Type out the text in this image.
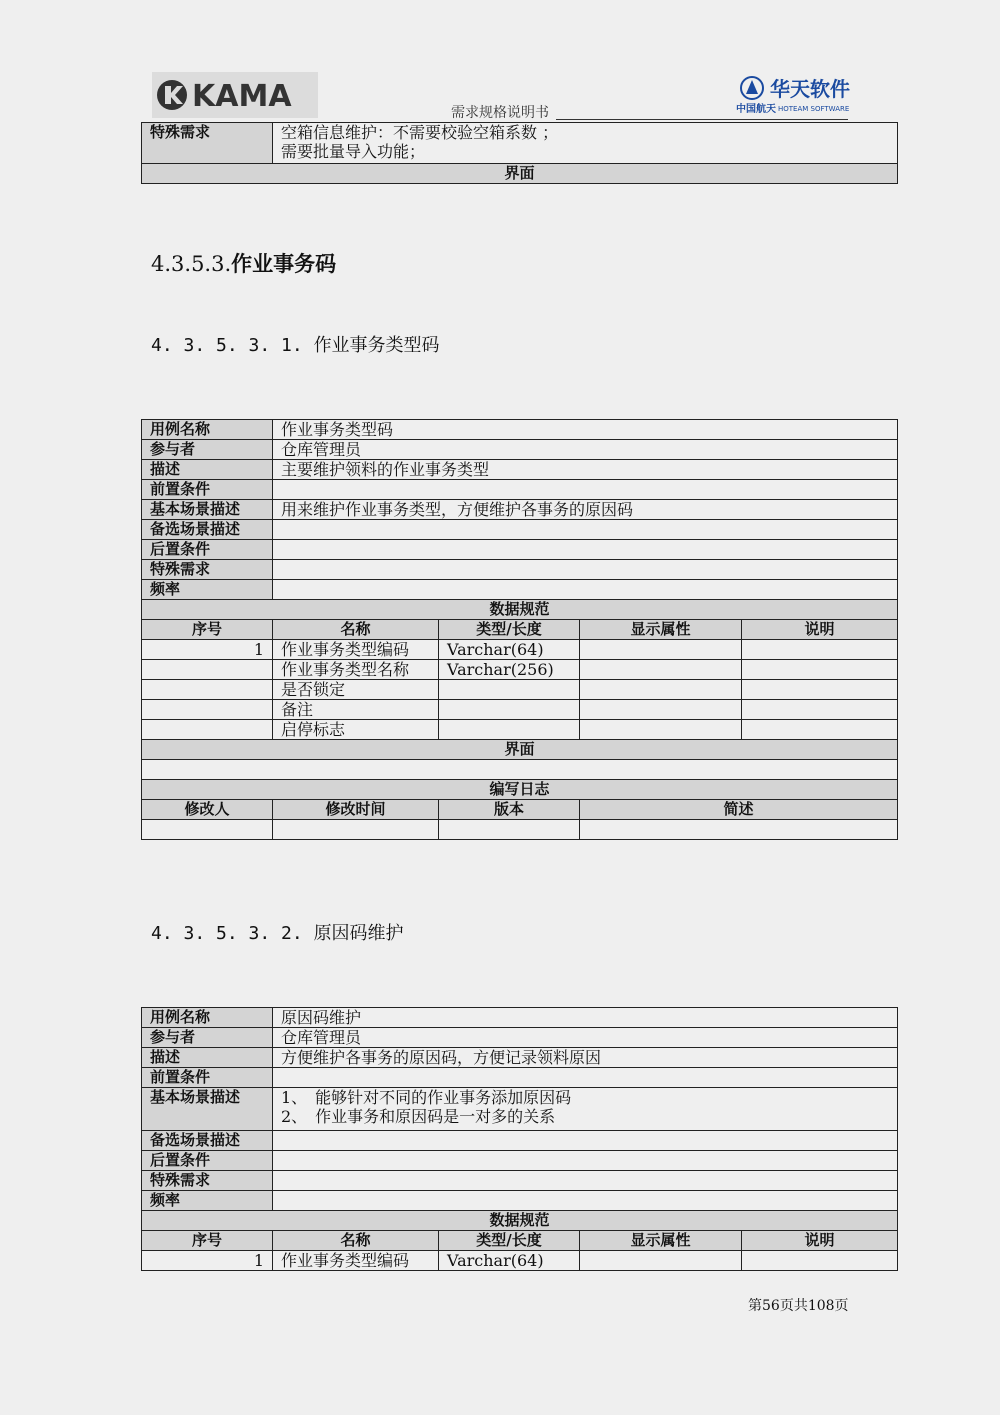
KAMA	华天软件
中国航天 HOTEAM SOFTWARE
需求规格说明书
特殊需求	空箱信息维护：不需要校验空箱系数 ；
需要批量导入功能；

界面
4.3.5.3.作业事务码
4. 3. 5. 3. 1. 作业事务类型码
用例名称	作业事务类型码			
参与者	仓库管理员			
描述	主要维护领料的作业事务类型			
前置条件				
基本场景描述	用来维护作业事务类型，方便维护各事务的原因码			
备选场景描述				
后置条件				
特殊需求				
频率				
数据规范				
序号	名称	类型/长度	显示属性	说明
1	作业事务类型编码	Varchar(64)		
	作业事务类型名称	Varchar(256)		
	是否锁定			
	备注			
	启停标志			
界面				

编写日志				
修改人	修改时间	版本	简述	

4. 3. 5. 3. 2. 原因码维护
用例名称	原因码维护			
参与者	仓库管理员			
描述	方便维护各事务的原因码，方便记录领料原因			
前置条件				
基本场景描述	1、　能够针对不同的作业事务添加原因码
2、　作业事务和原因码是一对多的关系			

备选场景描述				
后置条件				
特殊需求				
频率				
数据规范				
序号	名称	类型/长度	显示属性	说明
1	作业事务类型编码	Varchar(64)		
第56页共108页
